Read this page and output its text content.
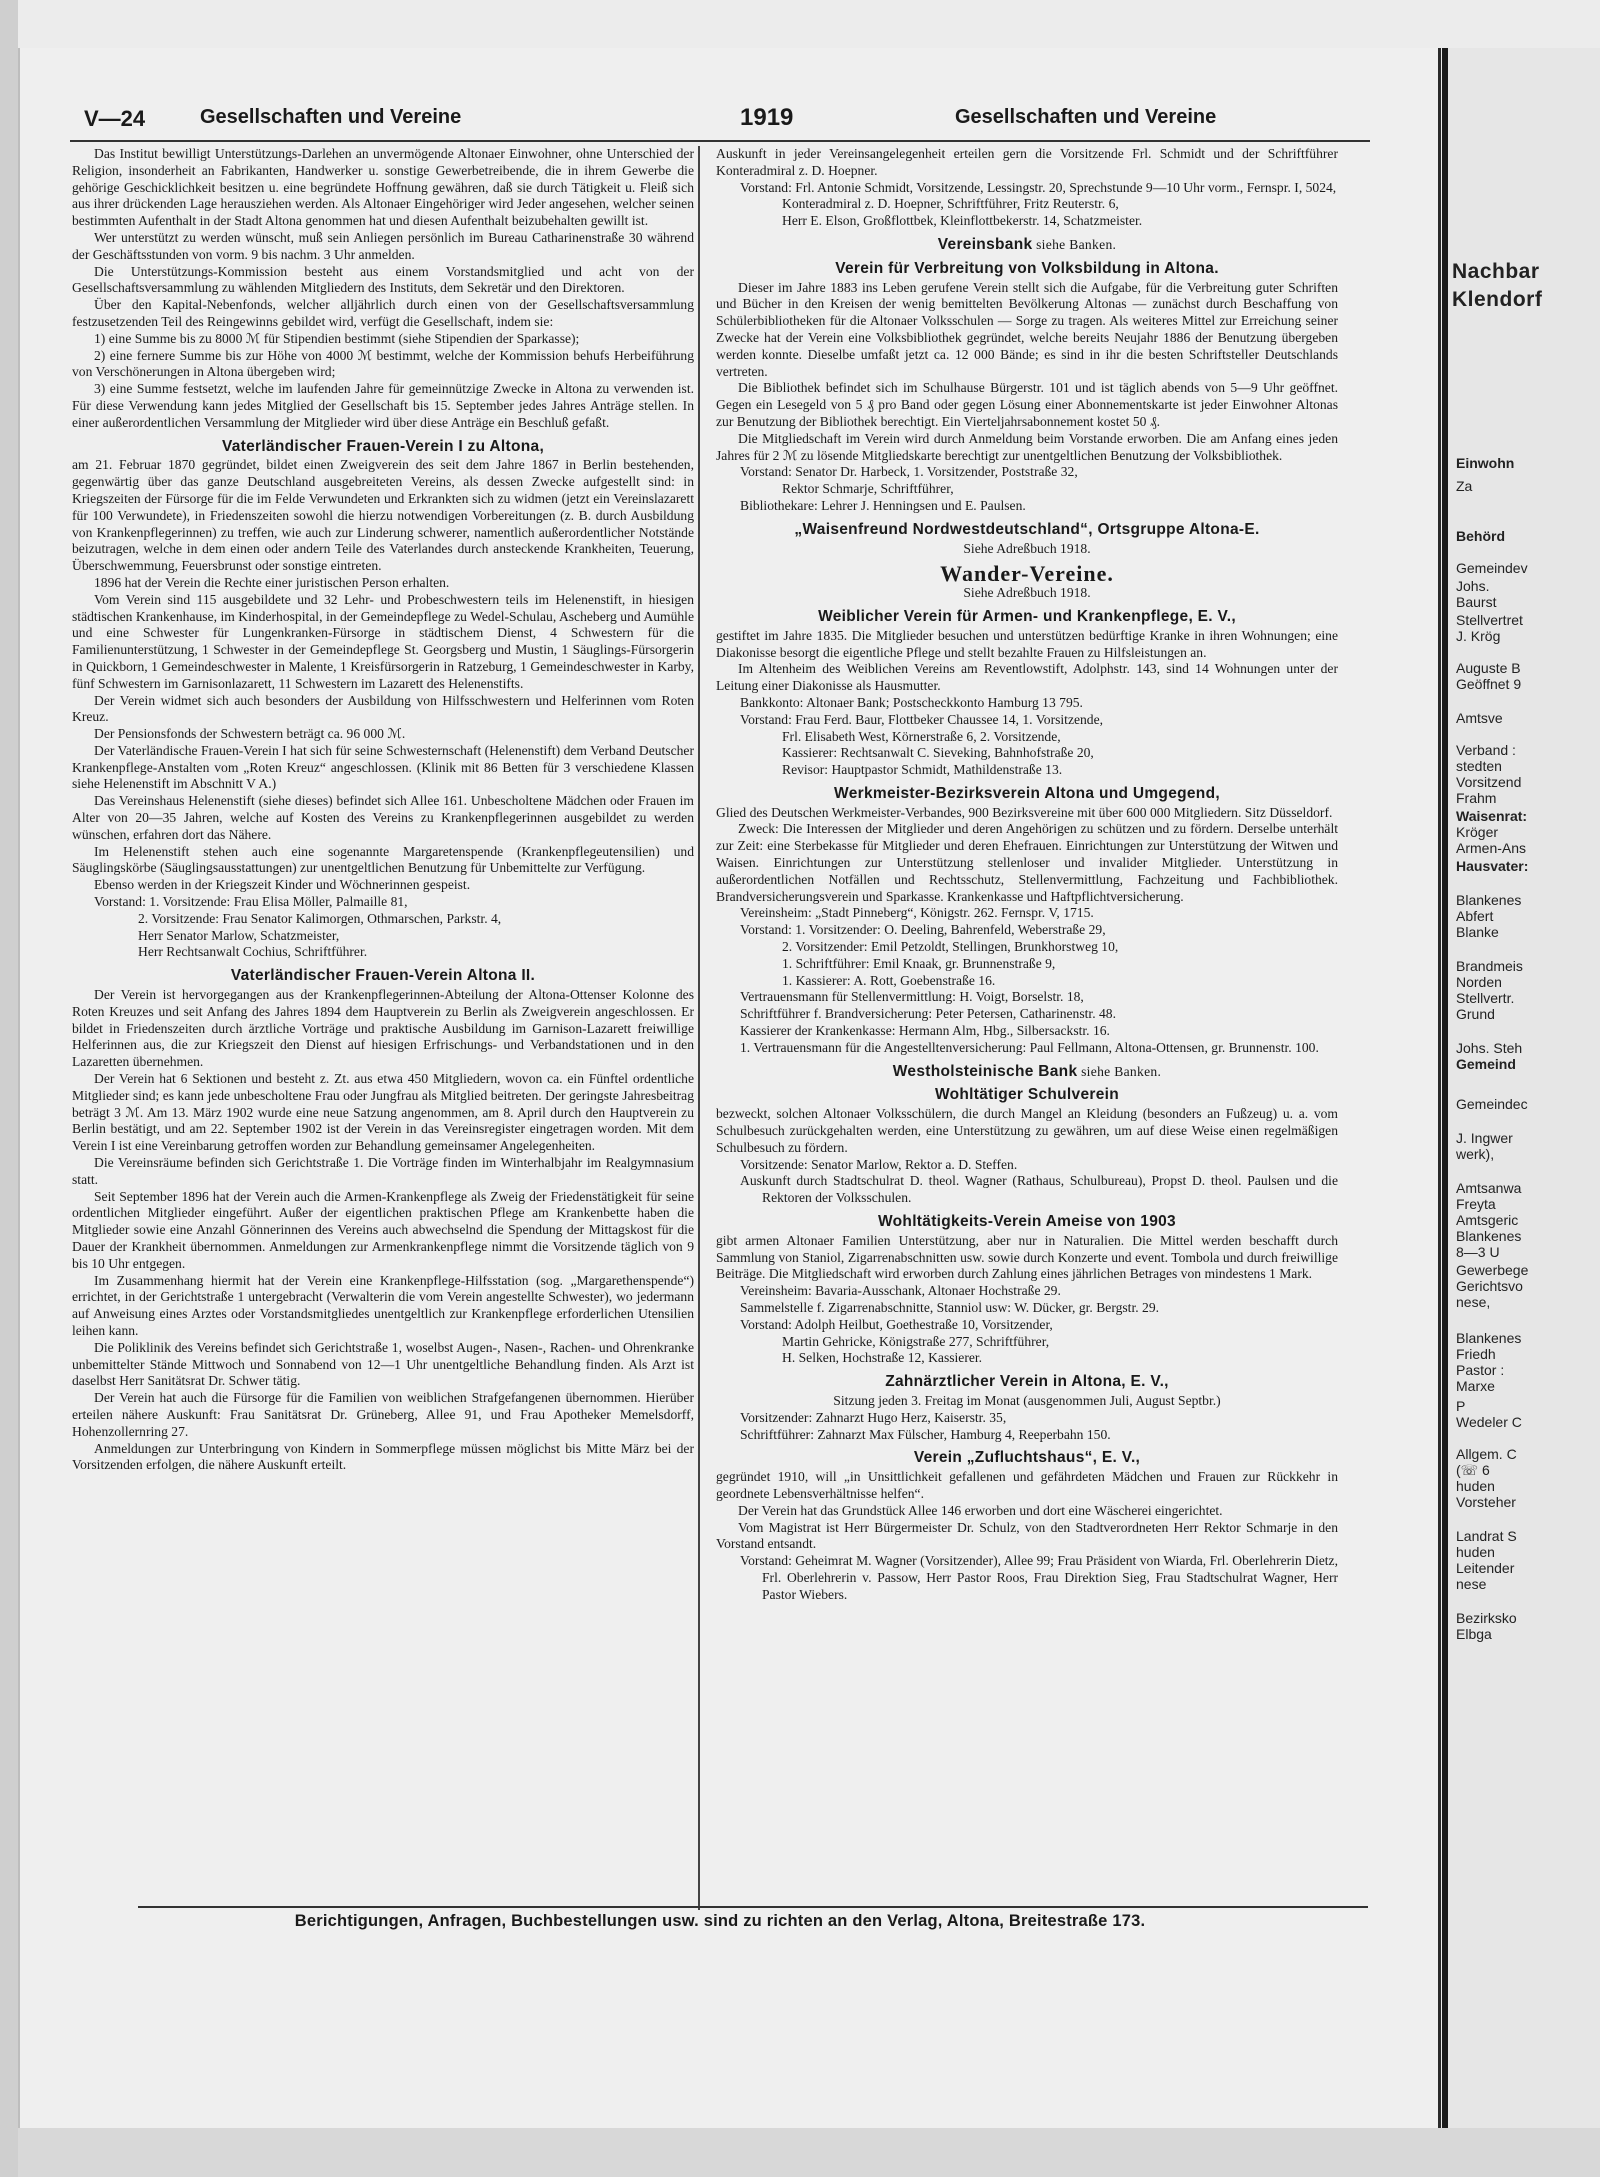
V—24	Gesellschaften und Vereine	1919	Gesellschaften und Vereine

Das Institut bewilligt Unterstützungs-Darlehen an unvermögende Altonaer Einwohner, ohne Unterschied der Religion, insonderheit an Fabrikanten, Handwerker u. sonstige Gewerbetreibende, die in ihrem Gewerbe die gehörige Geschicklichkeit besitzen u. eine begründete Hoffnung gewähren, daß sie durch Tätigkeit u. Fleiß sich aus ihrer drückenden Lage herausziehen werden. Als Altonaer Eingehöriger wird Jeder angesehen, welcher seinen bestimmten Aufenthalt in der Stadt Altona genommen hat und diesen Aufenthalt beizubehalten gewillt ist.

Wer unterstützt zu werden wünscht, muß sein Anliegen persönlich im Bureau Catharinenstraße 30 während der Geschäftsstunden von vorm. 9 bis nachm. 3 Uhr anmelden.

Die Unterstützungs-Kommission besteht aus einem Vorstandsmitglied und acht von der Gesellschaftsversammlung zu wählenden Mitgliedern des Instituts, dem Sekretär und den Direktoren.

Über den Kapital-Nebenfonds, welcher alljährlich durch einen von der Gesellschaftsversammlung festzusetzenden Teil des Reingewinns gebildet wird, verfügt die Gesellschaft, indem sie:

1) eine Summe bis zu 8000 ℳ für Stipendien bestimmt (siehe Stipendien der Sparkasse);

2) eine fernere Summe bis zur Höhe von 4000 ℳ bestimmt, welche der Kommission behufs Herbeiführung von Verschönerungen in Altona übergeben wird;

3) eine Summe festsetzt, welche im laufenden Jahre für gemeinnützige Zwecke in Altona zu verwenden ist. Für diese Verwendung kann jedes Mitglied der Gesellschaft bis 15. September jedes Jahres Anträge stellen. In einer außerordentlichen Versammlung der Mitglieder wird über diese Anträge ein Beschluß gefaßt.

Vaterländischer Frauen-Verein I zu Altona,

am 21. Februar 1870 gegründet, bildet einen Zweigverein des seit dem Jahre 1867 in Berlin bestehenden, gegenwärtig über das ganze Deutschland ausgebreiteten Vereins, als dessen Zwecke aufgestellt sind: in Kriegszeiten der Fürsorge für die im Felde Verwundeten und Erkrankten sich zu widmen (jetzt ein Vereinslazarett für 100 Verwundete), in Friedenszeiten sowohl die hierzu notwendigen Vorbereitungen (z. B. durch Ausbildung von Krankenpflegerinnen) zu treffen, wie auch zur Linderung schwerer, namentlich außerordentlicher Notstände beizutragen, welche in dem einen oder andern Teile des Vaterlandes durch ansteckende Krankheiten, Teuerung, Überschwemmung, Feuersbrunst oder sonstige eintreten.

1896 hat der Verein die Rechte einer juristischen Person erhalten.

Vom Verein sind 115 ausgebildete und 32 Lehr- und Probeschwestern teils im Helenenstift, in hiesigen städtischen Krankenhause, im Kinderhospital, in der Gemeindepflege zu Wedel-Schulau, Ascheberg und Aumühle und eine Schwester für Lungenkranken-Fürsorge in städtischem Dienst, 4 Schwestern für die Familienunterstützung, 1 Schwester in der Gemeindepflege St. Georgsberg und Mustin, 1 Säuglings-Fürsorgerin in Quickborn, 1 Gemeindeschwester in Malente, 1 Kreisfürsorgerin in Ratzeburg, 1 Gemeindeschwester in Karby, fünf Schwestern im Garnisonlazarett, 11 Schwestern im Lazarett des Helenenstifts.

Der Verein widmet sich auch besonders der Ausbildung von Hilfsschwestern und Helferinnen vom Roten Kreuz.

Der Pensionsfonds der Schwestern beträgt ca. 96 000 ℳ.

Der Vaterländische Frauen-Verein I hat sich für seine Schwesternschaft (Helenenstift) dem Verband Deutscher Krankenpflege-Anstalten vom „Roten Kreuz“ angeschlossen. (Klinik mit 86 Betten für 3 verschiedene Klassen siehe Helenenstift im Abschnitt V A.)

Das Vereinshaus Helenenstift (siehe dieses) befindet sich Allee 161. Unbescholtene Mädchen oder Frauen im Alter von 20—35 Jahren, welche auf Kosten des Vereins zu Krankenpflegerinnen ausgebildet zu werden wünschen, erfahren dort das Nähere.

Im Helenenstift stehen auch eine sogenannte Margaretenspende (Krankenpflegeutensilien) und Säuglingskörbe (Säuglingsausstattungen) zur unentgeltlichen Benutzung für Unbemittelte zur Verfügung.

Ebenso werden in der Kriegszeit Kinder und Wöchnerinnen gespeist.

Vorstand: 1. Vorsitzende: Frau Elisa Möller, Palmaille 81,

2. Vorsitzende: Frau Senator Kalimorgen, Othmarschen, Parkstr. 4,

Herr Senator Marlow, Schatzmeister,

Herr Rechtsanwalt Cochius, Schriftführer.

Vaterländischer Frauen-Verein Altona II.

Der Verein ist hervorgegangen aus der Krankenpflegerinnen-Abteilung der Altona-Ottenser Kolonne des Roten Kreuzes und seit Anfang des Jahres 1894 dem Hauptverein zu Berlin als Zweigverein angeschlossen. Er bildet in Friedenszeiten durch ärztliche Vorträge und praktische Ausbildung im Garnison-Lazarett freiwillige Helferinnen aus, die zur Kriegszeit den Dienst auf hiesigen Erfrischungs- und Verbandstationen und in den Lazaretten übernehmen.

Der Verein hat 6 Sektionen und besteht z. Zt. aus etwa 450 Mitgliedern, wovon ca. ein Fünftel ordentliche Mitglieder sind; es kann jede unbescholtene Frau oder Jungfrau als Mitglied beitreten. Der geringste Jahresbeitrag beträgt 3 ℳ. Am 13. März 1902 wurde eine neue Satzung angenommen, am 8. April durch den Hauptverein zu Berlin bestätigt, und am 22. September 1902 ist der Verein in das Vereinsregister eingetragen worden. Mit dem Verein I ist eine Vereinbarung getroffen worden zur Behandlung gemeinsamer Angelegenheiten.

Die Vereinsräume befinden sich Gerichtstraße 1. Die Vorträge finden im Winterhalbjahr im Realgymnasium statt.

Seit September 1896 hat der Verein auch die Armen-Krankenpflege als Zweig der Friedenstätigkeit für seine ordentlichen Mitglieder eingeführt. Außer der eigentlichen praktischen Pflege am Krankenbette haben die Mitglieder sowie eine Anzahl Gönnerinnen des Vereins auch abwechselnd die Spendung der Mittagskost für die Dauer der Krankheit übernommen. Anmeldungen zur Armenkrankenpflege nimmt die Vorsitzende täglich von 9 bis 10 Uhr entgegen.

Im Zusammenhang hiermit hat der Verein eine Krankenpflege-Hilfsstation (sog. „Margarethenspende“) errichtet, in der Gerichtstraße 1 untergebracht (Verwalterin die vom Verein angestellte Schwester), wo jedermann auf Anweisung eines Arztes oder Vorstandsmitgliedes unentgeltlich zur Krankenpflege erforderlichen Utensilien leihen kann.

Die Poliklinik des Vereins befindet sich Gerichtstraße 1, woselbst Augen-, Nasen-, Rachen- und Ohrenkranke unbemittelter Stände Mittwoch und Sonnabend von 12—1 Uhr unentgeltliche Behandlung finden. Als Arzt ist daselbst Herr Sanitätsrat Dr. Schwer tätig.

Der Verein hat auch die Fürsorge für die Familien von weiblichen Strafgefangenen übernommen. Hierüber erteilen nähere Auskunft: Frau Sanitätsrat Dr. Grüneberg, Allee 91, und Frau Apotheker Memelsdorff, Hohenzollernring 27.

Anmeldungen zur Unterbringung von Kindern in Sommerpflege müssen möglichst bis Mitte März bei der Vorsitzenden erfolgen, die nähere Auskunft erteilt.

Auskunft in jeder Vereinsangelegenheit erteilen gern die Vorsitzende Frl. Schmidt und der Schriftführer Konteradmiral z. D. Hoepner.

Vorstand: Frl. Antonie Schmidt, Vorsitzende, Lessingstr. 20, Sprechstunde 9—10 Uhr vorm., Fernspr. I, 5024,

Konteradmiral z. D. Hoepner, Schriftführer, Fritz Reuterstr. 6,

Herr E. Elson, Großflottbek, Kleinflottbekerstr. 14, Schatzmeister.

Vereinsbank siehe Banken.
Verein für Verbreitung von Volksbildung in Altona.

Dieser im Jahre 1883 ins Leben gerufene Verein stellt sich die Aufgabe, für die Verbreitung guter Schriften und Bücher in den Kreisen der wenig bemittelten Bevölkerung Altonas — zunächst durch Beschaffung von Schülerbibliotheken für die Altonaer Volksschulen — Sorge zu tragen. Als weiteres Mittel zur Erreichung seiner Zwecke hat der Verein eine Volksbibliothek gegründet, welche bereits Neujahr 1886 der Benutzung übergeben werden konnte. Dieselbe umfaßt jetzt ca. 12 000 Bände; es sind in ihr die besten Schriftsteller Deutschlands vertreten.

Die Bibliothek befindet sich im Schulhause Bürgerstr. 101 und ist täglich abends von 5—9 Uhr geöffnet. Gegen ein Lesegeld von 5 ₰ pro Band oder gegen Lösung einer Abonnementskarte ist jeder Einwohner Altonas zur Benutzung der Bibliothek berechtigt. Ein Vierteljahrsabonnement kostet 50 ₰.

Die Mitgliedschaft im Verein wird durch Anmeldung beim Vorstande erworben. Die am Anfang eines jeden Jahres für 2 ℳ zu lösende Mitgliedskarte berechtigt zur unentgeltlichen Benutzung der Volksbibliothek.

Vorstand: Senator Dr. Harbeck, 1. Vorsitzender, Poststraße 32,

Rektor Schmarje, Schriftführer,

Bibliothekare: Lehrer J. Henningsen und E. Paulsen.

„Waisenfreund Nordwestdeutschland“, Ortsgruppe Altona-E.

Siehe Adreßbuch 1918.

Wander-Vereine.

Siehe Adreßbuch 1918.

Weiblicher Verein für Armen- und Krankenpflege, E. V.,

gestiftet im Jahre 1835. Die Mitglieder besuchen und unterstützen bedürftige Kranke in ihren Wohnungen; eine Diakonisse besorgt die eigentliche Pflege und stellt bezahlte Frauen zu Hilfsleistungen an.

Im Altenheim des Weiblichen Vereins am Reventlowstift, Adolphstr. 143, sind 14 Wohnungen unter der Leitung einer Diakonisse als Hausmutter.

Bankkonto: Altonaer Bank; Postscheckkonto Hamburg 13 795.

Vorstand: Frau Ferd. Baur, Flottbeker Chaussee 14, 1. Vorsitzende,

Frl. Elisabeth West, Körnerstraße 6, 2. Vorsitzende,

Kassierer: Rechtsanwalt C. Sieveking, Bahnhofstraße 20,

Revisor: Hauptpastor Schmidt, Mathildenstraße 13.

Werkmeister-Bezirksverein Altona und Umgegend,

Glied des Deutschen Werkmeister-Verbandes, 900 Bezirksvereine mit über 600 000 Mitgliedern. Sitz Düsseldorf.

Zweck: Die Interessen der Mitglieder und deren Angehörigen zu schützen und zu fördern. Derselbe unterhält zur Zeit: eine Sterbekasse für Mitglieder und deren Ehefrauen. Einrichtungen zur Unterstützung der Witwen und Waisen. Einrichtungen zur Unterstützung stellenloser und invalider Mitglieder. Unterstützung in außerordentlichen Notfällen und Rechtsschutz, Stellenvermittlung, Fachzeitung und Fachbibliothek. Brandversicherungsverein und Sparkasse. Krankenkasse und Haftpflichtversicherung.

Vereinsheim: „Stadt Pinneberg“, Königstr. 262. Fernspr. V, 1715.

Vorstand: 1. Vorsitzender: O. Deeling, Bahrenfeld, Weberstraße 29,

2. Vorsitzender: Emil Petzoldt, Stellingen, Brunkhorstweg 10,

1. Schriftführer: Emil Knaak, gr. Brunnenstraße 9,

1. Kassierer: A. Rott, Goebenstraße 16.

Vertrauensmann für Stellenvermittlung: H. Voigt, Borselstr. 18,

Schriftführer f. Brandversicherung: Peter Petersen, Catharinenstr. 48.

Kassierer der Krankenkasse: Hermann Alm, Hbg., Silbersackstr. 16.

1. Vertrauensmann für die Angestelltenversicherung: Paul Fellmann, Altona-Ottensen, gr. Brunnenstr. 100.

Westholsteinische Bank siehe Banken.
Wohltätiger Schulverein

bezweckt, solchen Altonaer Volksschülern, die durch Mangel an Kleidung (besonders an Fußzeug) u. a. vom Schulbesuch zurückgehalten werden, eine Unterstützung zu gewähren, um auf diese Weise einen regelmäßigen Schulbesuch zu fördern.

Vorsitzende: Senator Marlow, Rektor a. D. Steffen.

Auskunft durch Stadtschulrat D. theol. Wagner (Rathaus, Schulbureau), Propst D. theol. Paulsen und die Rektoren der Volksschulen.

Wohltätigkeits-Verein Ameise von 1903

gibt armen Altonaer Familien Unterstützung, aber nur in Naturalien. Die Mittel werden beschafft durch Sammlung von Staniol, Zigarrenabschnitten usw. sowie durch Konzerte und event. Tombola und durch freiwillige Beiträge. Die Mitgliedschaft wird erworben durch Zahlung eines jährlichen Betrages von mindestens 1 Mark.

Vereinsheim: Bavaria-Ausschank, Altonaer Hochstraße 29.

Sammelstelle f. Zigarrenabschnitte, Stanniol usw: W. Dücker, gr. Bergstr. 29.

Vorstand: Adolph Heilbut, Goethestraße 10, Vorsitzender,

Martin Gehricke, Königstraße 277, Schriftführer,

H. Selken, Hochstraße 12, Kassierer.

Zahnärztlicher Verein in Altona, E. V.,

Sitzung jeden 3. Freitag im Monat (ausgenommen Juli, August Septbr.)

Vorsitzender: Zahnarzt Hugo Herz, Kaiserstr. 35,

Schriftführer: Zahnarzt Max Fülscher, Hamburg 4, Reeperbahn 150.

Verein „Zufluchtshaus“, E. V.,

gegründet 1910, will „in Unsittlichkeit gefallenen und gefährdeten Mädchen und Frauen zur Rückkehr in geordnete Lebensverhältnisse helfen“.

Der Verein hat das Grundstück Allee 146 erworben und dort eine Wäscherei eingerichtet.

Vom Magistrat ist Herr Bürgermeister Dr. Schulz, von den Stadtverordneten Herr Rektor Schmarje in den Vorstand entsandt.

Vorstand: Geheimrat M. Wagner (Vorsitzender), Allee 99; Frau Präsident von Wiarda, Frl. Oberlehrerin Dietz, Frl. Oberlehrerin v. Passow, Herr Pastor Roos, Frau Direktion Sieg, Frau Stadtschulrat Wagner, Herr Pastor Wiebers.

Berichtigungen, Anfragen, Buchbestellungen usw. sind zu richten an den Verlag, Altona, Breitestraße 173.
Nachbar
Klendorf
Einwohn
Za
Behörd
Gemeindev
Johs.
Baurst
Stellvertret
J. Krög
Auguste B
Geöffnet 9
Amtsve
Verband :
stedten
Vorsitzend
Frahm
Waisenrat:
Kröger
Armen-Ans
Hausvater:
Blankenes
Abfert
Blanke
Brandmeis
Norden
Stellvertr.
Grund
Johs. Steh
Gemeind
Gemeindec
J. Ingwer
werk),
Amtsanwa
Freyta
Amtsgeric
Blankenes
8—3 U
Gewerbege
Gerichtsvo
nese,
Blankenes
Friedh
Pastor :
Marxe
P
Wedeler C
Allgem. C
(☏ 6
huden
Vorsteher
Landrat S
huden
Leitender
nese
Bezirksko
Elbga
